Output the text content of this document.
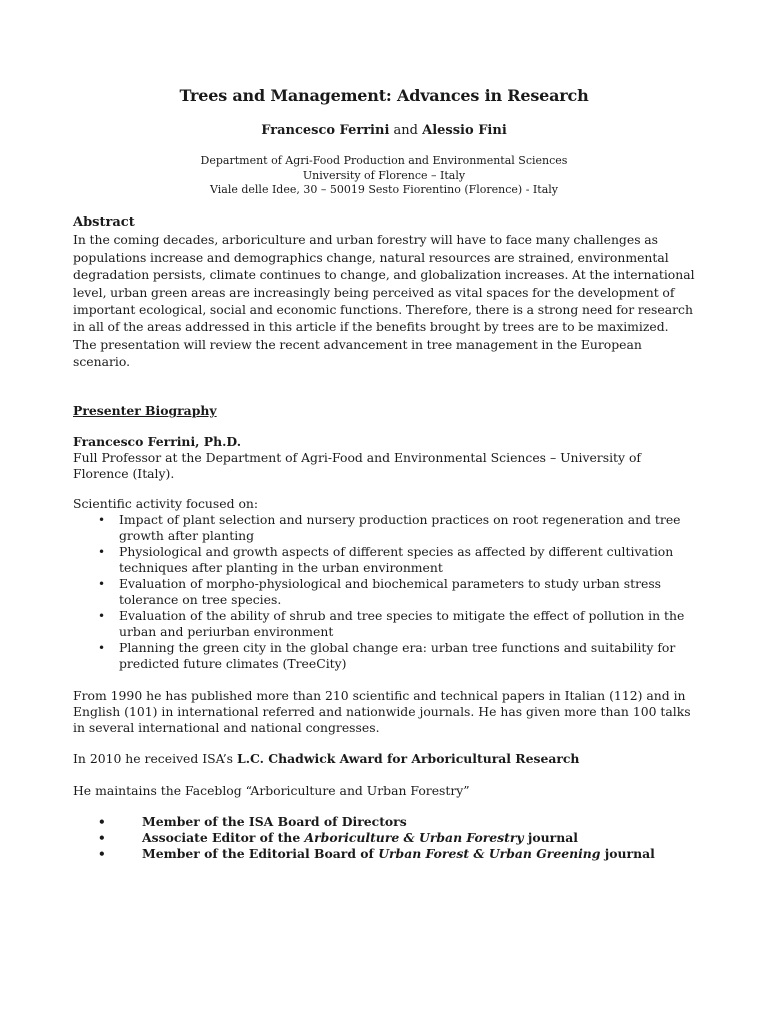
Trees and Management: Advances in Research
Francesco Ferrini and Alessio Fini
Department of Agri-Food Production and Environmental Sciences
University of Florence – Italy
Viale delle Idee, 30 – 50019 Sesto Fiorentino (Florence) - Italy
Abstract
In the coming decades, arboriculture and urban forestry will have to face many challenges as populations increase and demographics change, natural resources are strained, environmental degradation persists, climate continues to change, and globalization increases. At the international level, urban green areas are increasingly being perceived as vital spaces for the development of important ecological, social and economic functions. Therefore, there is a strong need for research in all of the areas addressed in this article if the benefits brought by trees are to be maximized. The presentation will review the recent advancement in tree management in the European scenario.
Presenter Biography
Francesco Ferrini, Ph.D.
Full Professor at the Department of Agri-Food and Environmental Sciences – University of Florence (Italy).
Scientific activity focused on:
• Impact of plant selection and nursery production practices on root regeneration and tree growth after planting
• Physiological and growth aspects of different species as affected by different cultivation techniques after planting in the urban environment
• Evaluation of morpho-physiological and biochemical parameters to study urban stress tolerance on tree species.
• Evaluation of the ability of shrub and tree species to mitigate the effect of pollution in the urban and periurban environment
• Planning the green city in the global change era: urban tree functions and suitability for predicted future climates (TreeCity)
From 1990 he has published more than 210 scientific and technical papers in Italian (112) and in English (101) in international referred and nationwide journals. He has given more than 100 talks in several international and national congresses.
In 2010 he received ISA’s L.C. Chadwick Award for Arboricultural Research
He maintains the Faceblog “Arboriculture and Urban Forestry”
•	Member of the ISA Board of Directors
•	Associate Editor of the Arboriculture & Urban Forestry journal
•	Member of the Editorial Board of Urban Forest & Urban Greening journal
